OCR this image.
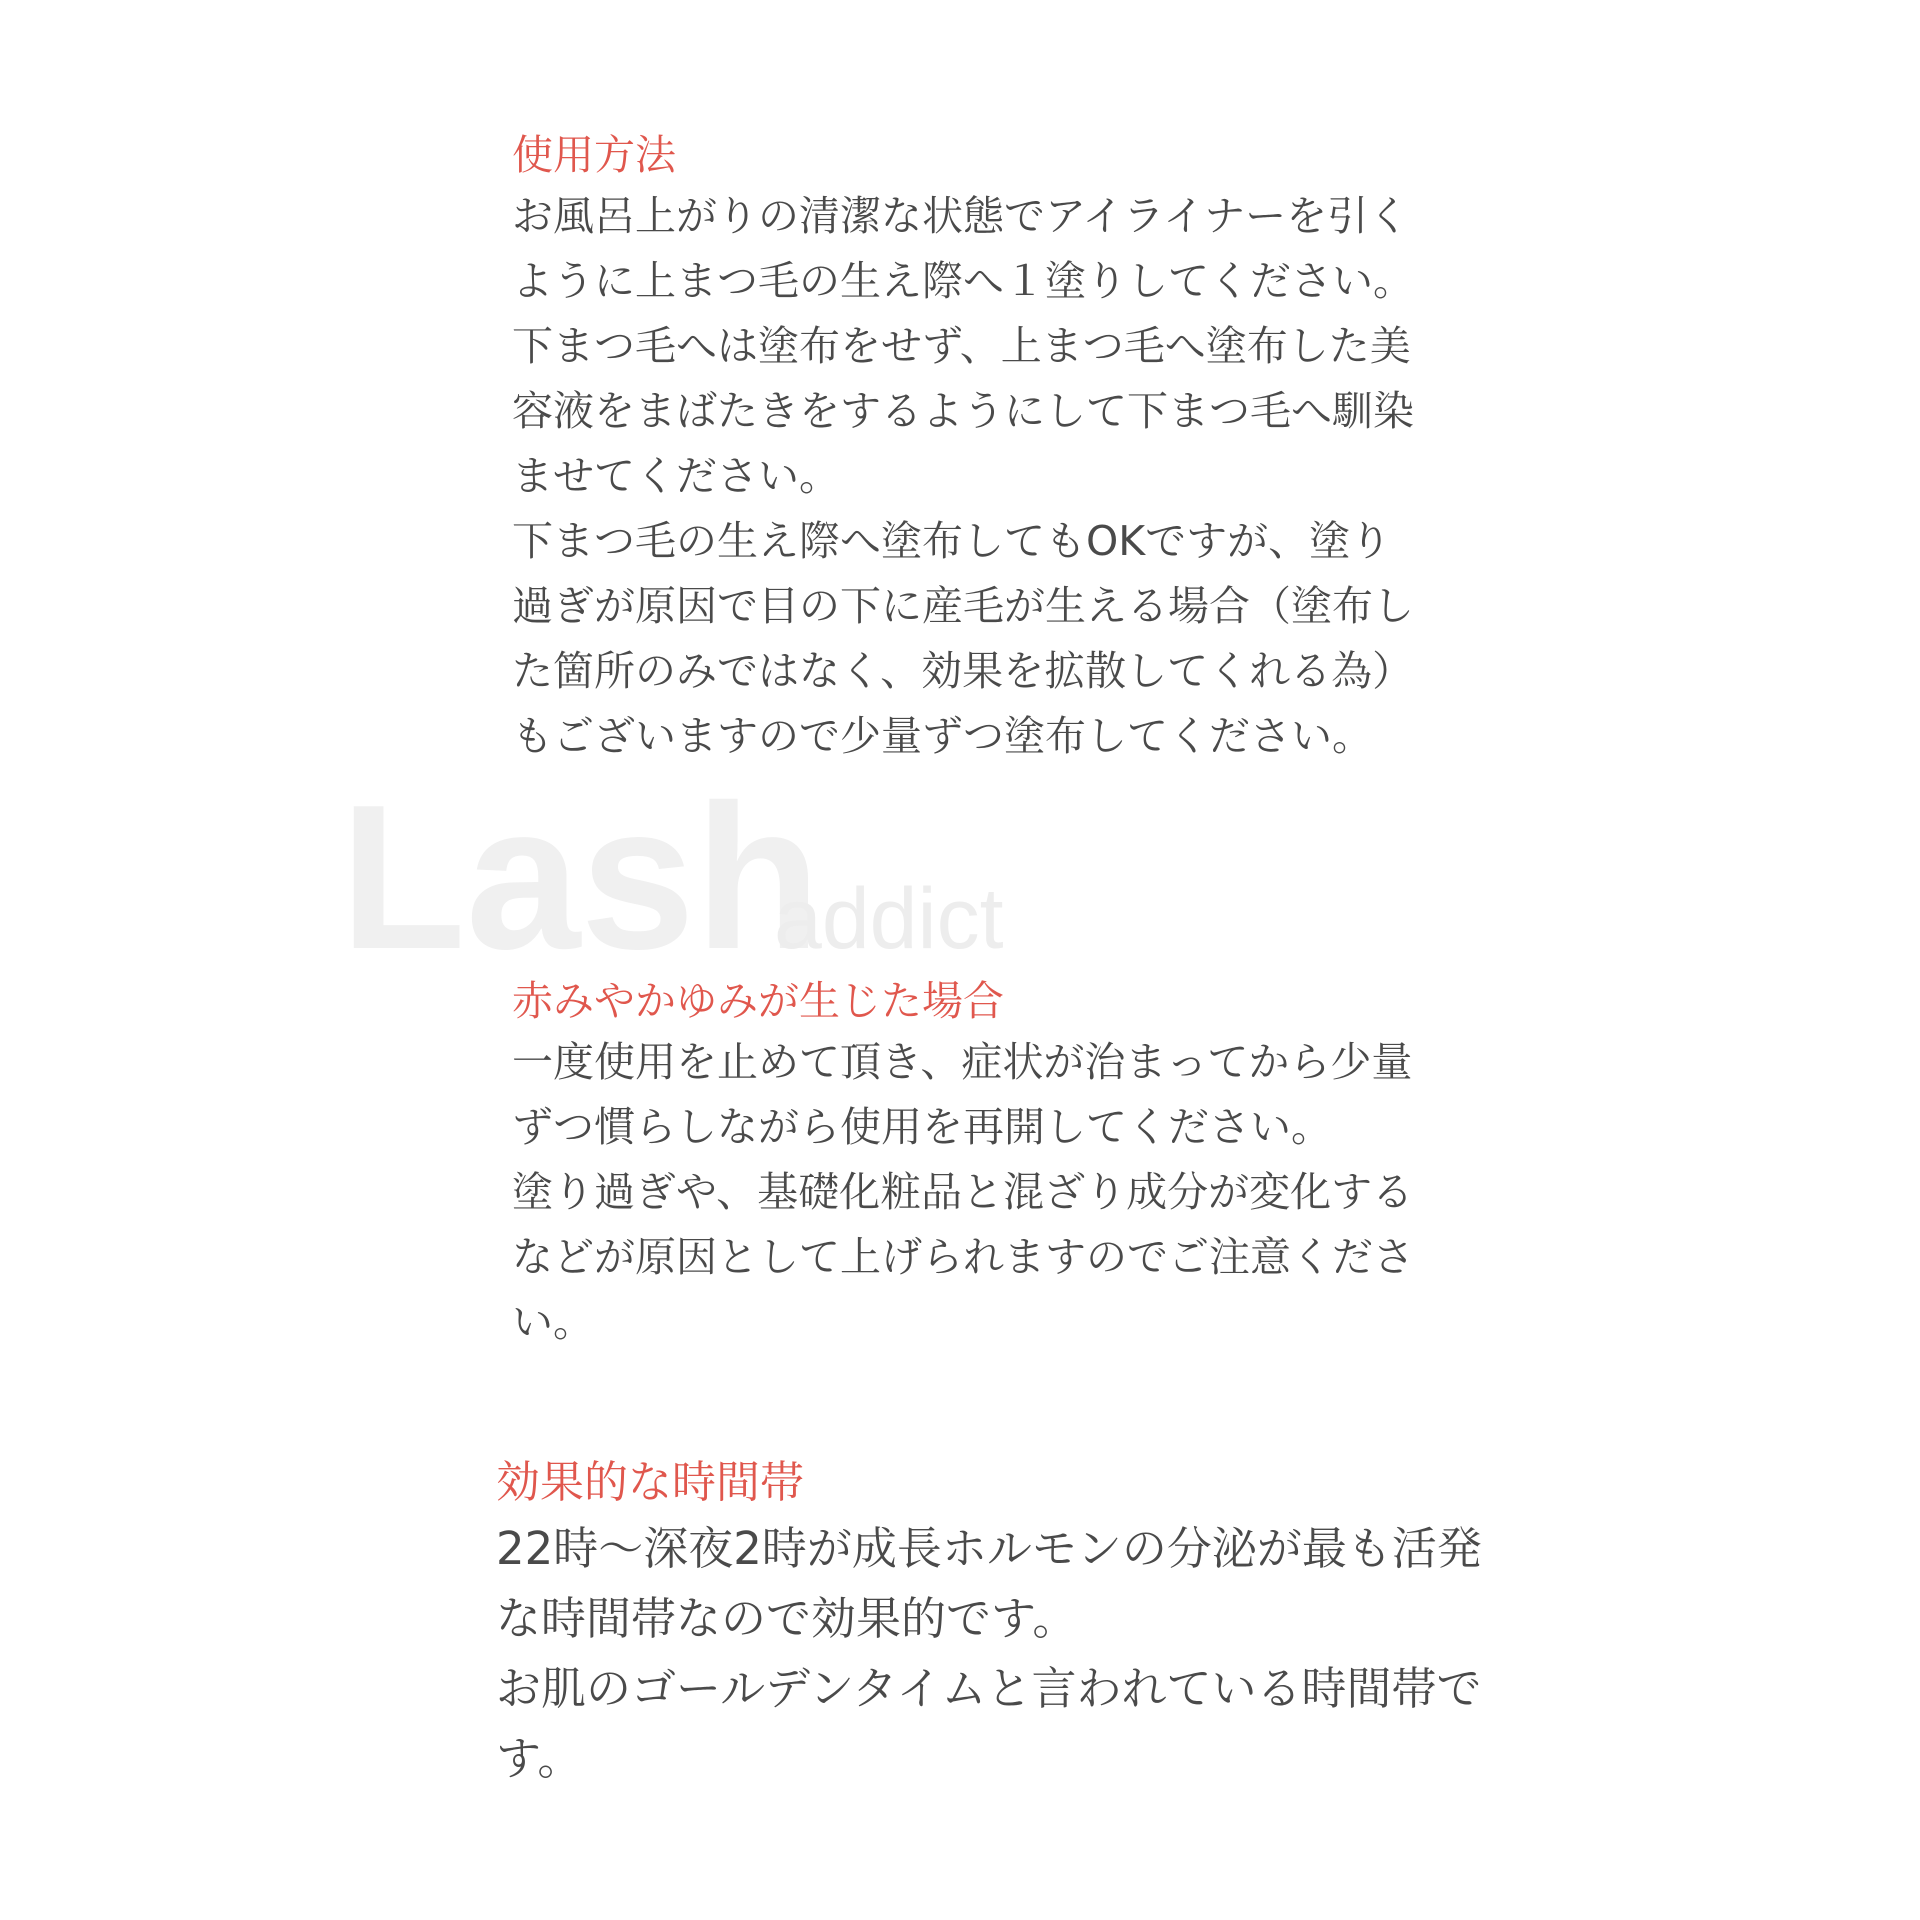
Lash
addict
使用方法

お風呂上がりの清潔な状態でアイライナーを引く

ように上まつ毛の生え際へ１塗りしてください。

下まつ毛へは塗布をせず、上まつ毛へ塗布した美

容液をまばたきをするようにして下まつ毛へ馴染

ませてください。

下まつ毛の生え際へ塗布してもOKですが、塗り

過ぎが原因で目の下に産毛が生える場合（塗布し

た箇所のみではなく、効果を拡散してくれる為）

もございますので少量ずつ塗布してください。

赤みやかゆみが生じた場合

一度使用を止めて頂き、症状が治まってから少量

ずつ慣らしながら使用を再開してください。

塗り過ぎや、基礎化粧品と混ざり成分が変化する

などが原因として上げられますのでご注意くださ

い。

効果的な時間帯

22時〜深夜2時が成長ホルモンの分泌が最も活発

な時間帯なので効果的です。

お肌のゴールデンタイムと言われている時間帯で

す。
